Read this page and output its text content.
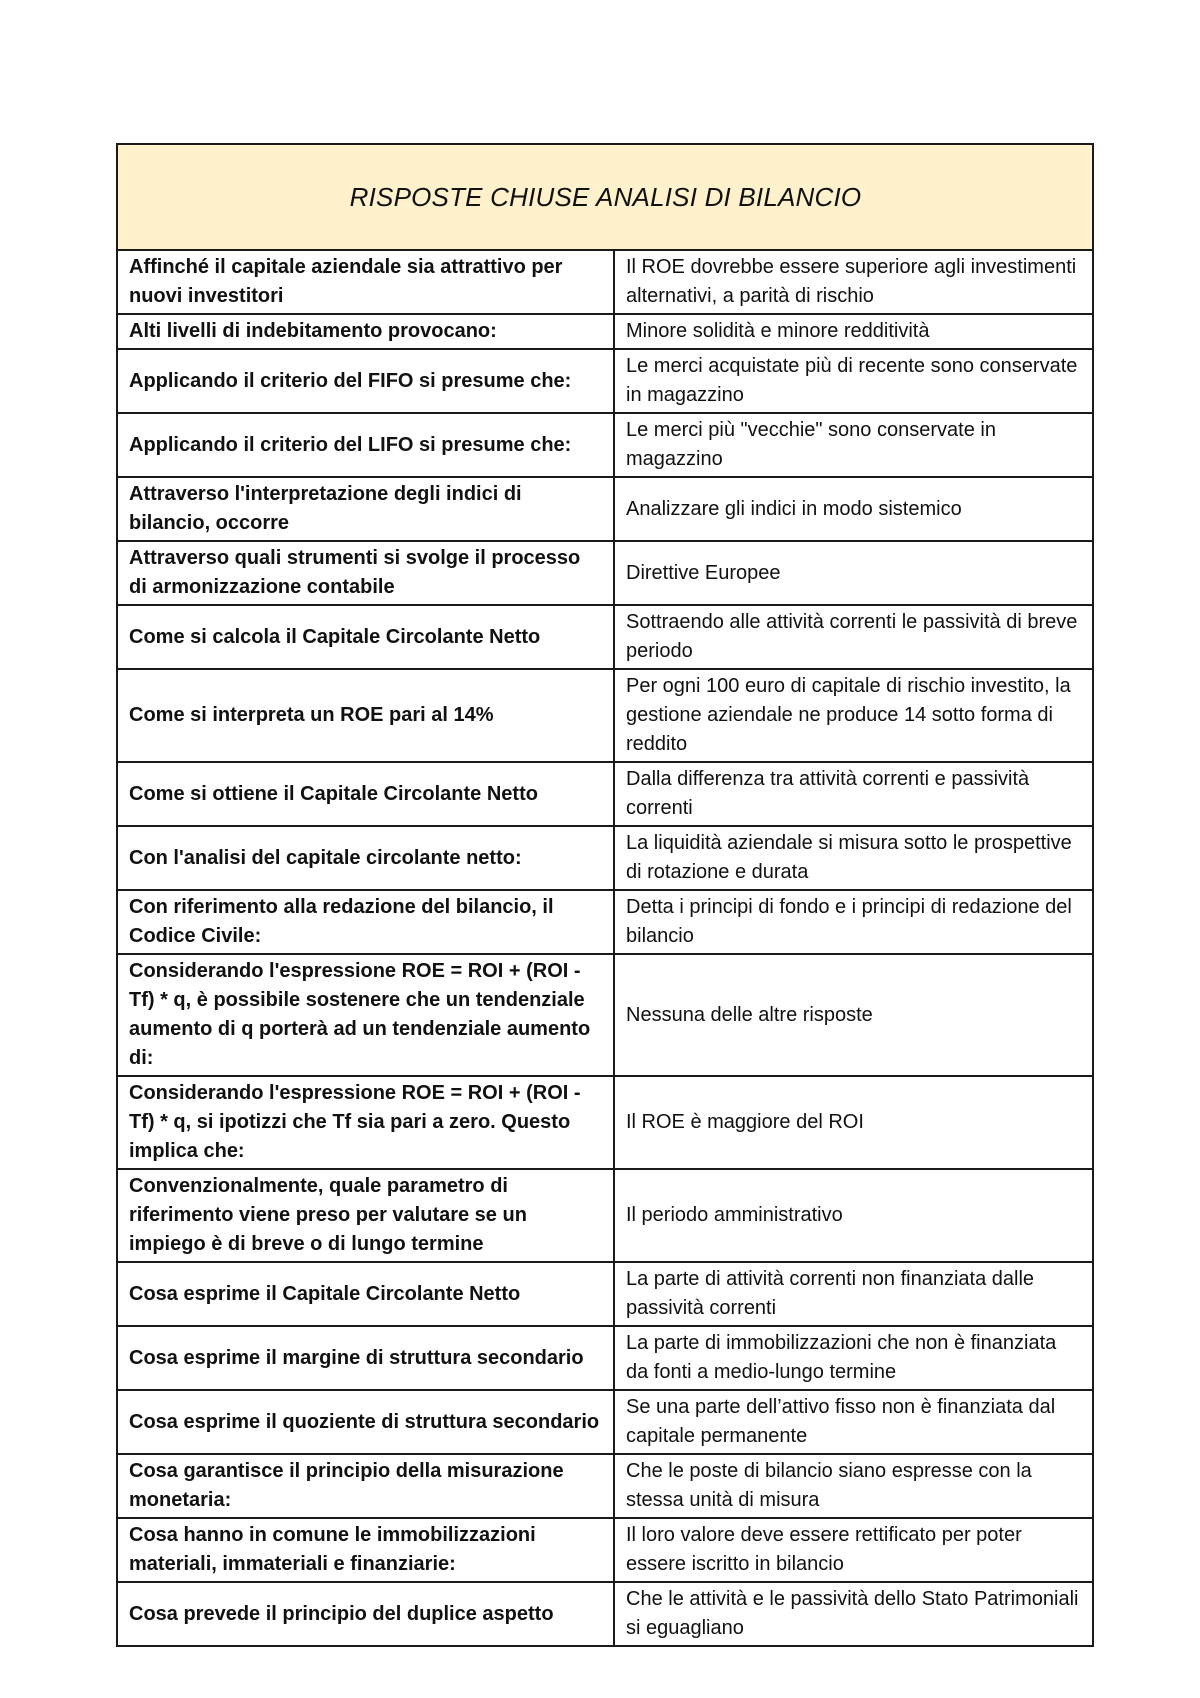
RISPOSTE CHIUSE ANALISI DI BILANCIO	
Affinché il capitale aziendale sia attrattivo per nuovi investitori	Il ROE dovrebbe essere superiore agli investimenti alternativi, a parità di rischio
Alti livelli di indebitamento provocano:	Minore solidità e minore redditività
Applicando il criterio del FIFO si presume che:	Le merci acquistate più di recente sono conservate in magazzino
Applicando il criterio del LIFO si presume che:	Le merci più "vecchie" sono conservate in magazzino
Attraverso l'interpretazione degli indici di bilancio, occorre	Analizzare gli indici in modo sistemico
Attraverso quali strumenti si svolge il processo di armonizzazione contabile	Direttive Europee
Come si calcola il Capitale Circolante Netto	Sottraendo alle attività correnti le passività di breve periodo
Come si interpreta un ROE pari al 14%	Per ogni 100 euro di capitale di rischio investito, la gestione aziendale ne produce 14 sotto forma di reddito
Come si ottiene il Capitale Circolante Netto	Dalla differenza tra attività correnti e passività correnti
Con l'analisi del capitale circolante netto:	La liquidità aziendale si misura sotto le prospettive di rotazione e durata
Con riferimento alla redazione del bilancio, il Codice Civile:	Detta i principi di fondo e i principi di redazione del bilancio
Considerando l'espressione ROE = ROI + (ROI - Tf) * q, è possibile sostenere che un tendenziale aumento di q porterà ad un tendenziale aumento di:	Nessuna delle altre risposte
Considerando l'espressione ROE = ROI + (ROI - Tf) * q, si ipotizzi che Tf sia pari a zero. Questo implica che:	Il ROE è maggiore del ROI
Convenzionalmente, quale parametro di riferimento viene preso per valutare se un impiego è di breve o di lungo termine	Il periodo amministrativo
Cosa esprime il Capitale Circolante Netto	La parte di attività correnti non finanziata dalle passività correnti
Cosa esprime il margine di struttura secondario	La parte di immobilizzazioni che non è finanziata da fonti a medio-lungo termine
Cosa esprime il quoziente di struttura secondario	Se una parte dell’attivo fisso non è finanziata dal capitale permanente
Cosa garantisce il principio della misurazione monetaria:	Che le poste di bilancio siano espresse con la stessa unità di misura
Cosa hanno in comune le immobilizzazioni materiali, immateriali e finanziarie:	Il loro valore deve essere rettificato per poter essere iscritto in bilancio
Cosa prevede il principio del duplice aspetto	Che le attività e le passività dello Stato Patrimoniali si eguagliano
